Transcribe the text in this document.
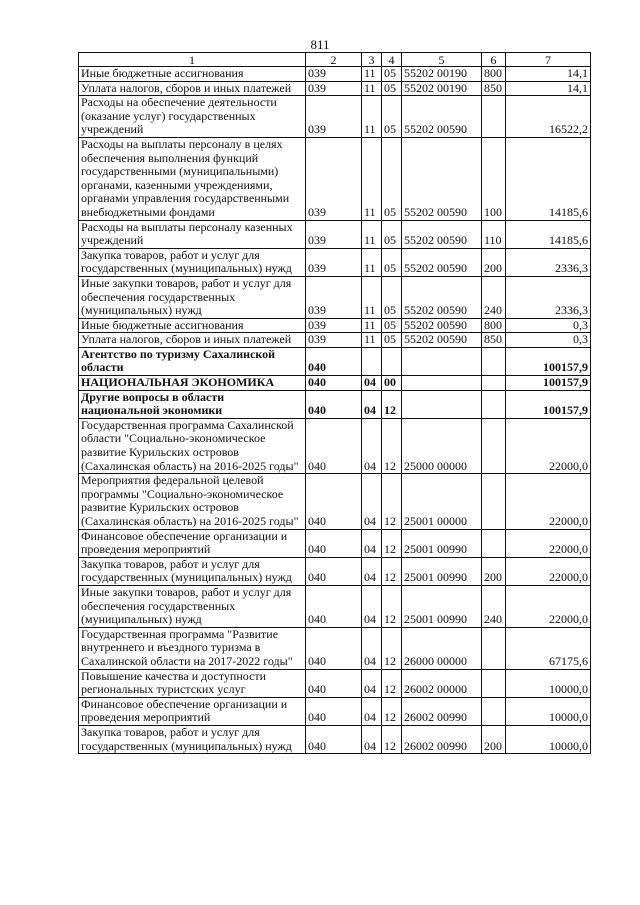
811
1	2	3	4	5	6	7
Иные бюджетные ассигнования	039	11	05	55202 00190	800	14,1
Уплата налогов, сборов и иных платежей	039	11	05	55202 00190	850	14,1
Расходы на обеспечение деятельности (оказание услуг) государственных учреждений	039	11	05	55202 00590		16522,2
Расходы на выплаты персоналу в целях обеспечения выполнения функций государственными (муниципальными) органами, казенными учреждениями, органами управления государственными внебюджетными фондами	039	11	05	55202 00590	100	14185,6
Расходы на выплаты персоналу казенных учреждений	039	11	05	55202 00590	110	14185,6
Закупка товаров, работ и услуг для государственных (муниципальных) нужд	039	11	05	55202 00590	200	2336,3
Иные закупки товаров, работ и услуг для обеспечения государственных (муниципальных) нужд	039	11	05	55202 00590	240	2336,3
Иные бюджетные ассигнования	039	11	05	55202 00590	800	0,3
Уплата налогов, сборов и иных платежей	039	11	05	55202 00590	850	0,3
Агентство по туризму Сахалинской области	040					100157,9
НАЦИОНАЛЬНАЯ ЭКОНОМИКА	040	04	00			100157,9
Другие вопросы в области национальной экономики	040	04	12			100157,9
Государственная программа Сахалинской области "Социально-экономическое развитие Курильских островов (Сахалинская область) на 2016-2025 годы"	040	04	12	25000 00000		22000,0
Мероприятия федеральной целевой программы "Социально-экономическое развитие Курильских островов (Сахалинская область) на 2016-2025 годы"	040	04	12	25001 00000		22000,0
Финансовое обеспечение организации и проведения мероприятий	040	04	12	25001 00990		22000,0
Закупка товаров, работ и услуг для государственных (муниципальных) нужд	040	04	12	25001 00990	200	22000,0
Иные закупки товаров, работ и услуг для обеспечения государственных (муниципальных) нужд	040	04	12	25001 00990	240	22000,0
Государственная программа "Развитие внутреннего и въездного туризма в Сахалинской области на 2017-2022 годы"	040	04	12	26000 00000		67175,6
Повышение качества и доступности региональных туристских услуг	040	04	12	26002 00000		10000,0
Финансовое обеспечение организации и проведения мероприятий	040	04	12	26002 00990		10000,0
Закупка товаров, работ и услуг для государственных (муниципальных) нужд	040	04	12	26002 00990	200	10000,0
